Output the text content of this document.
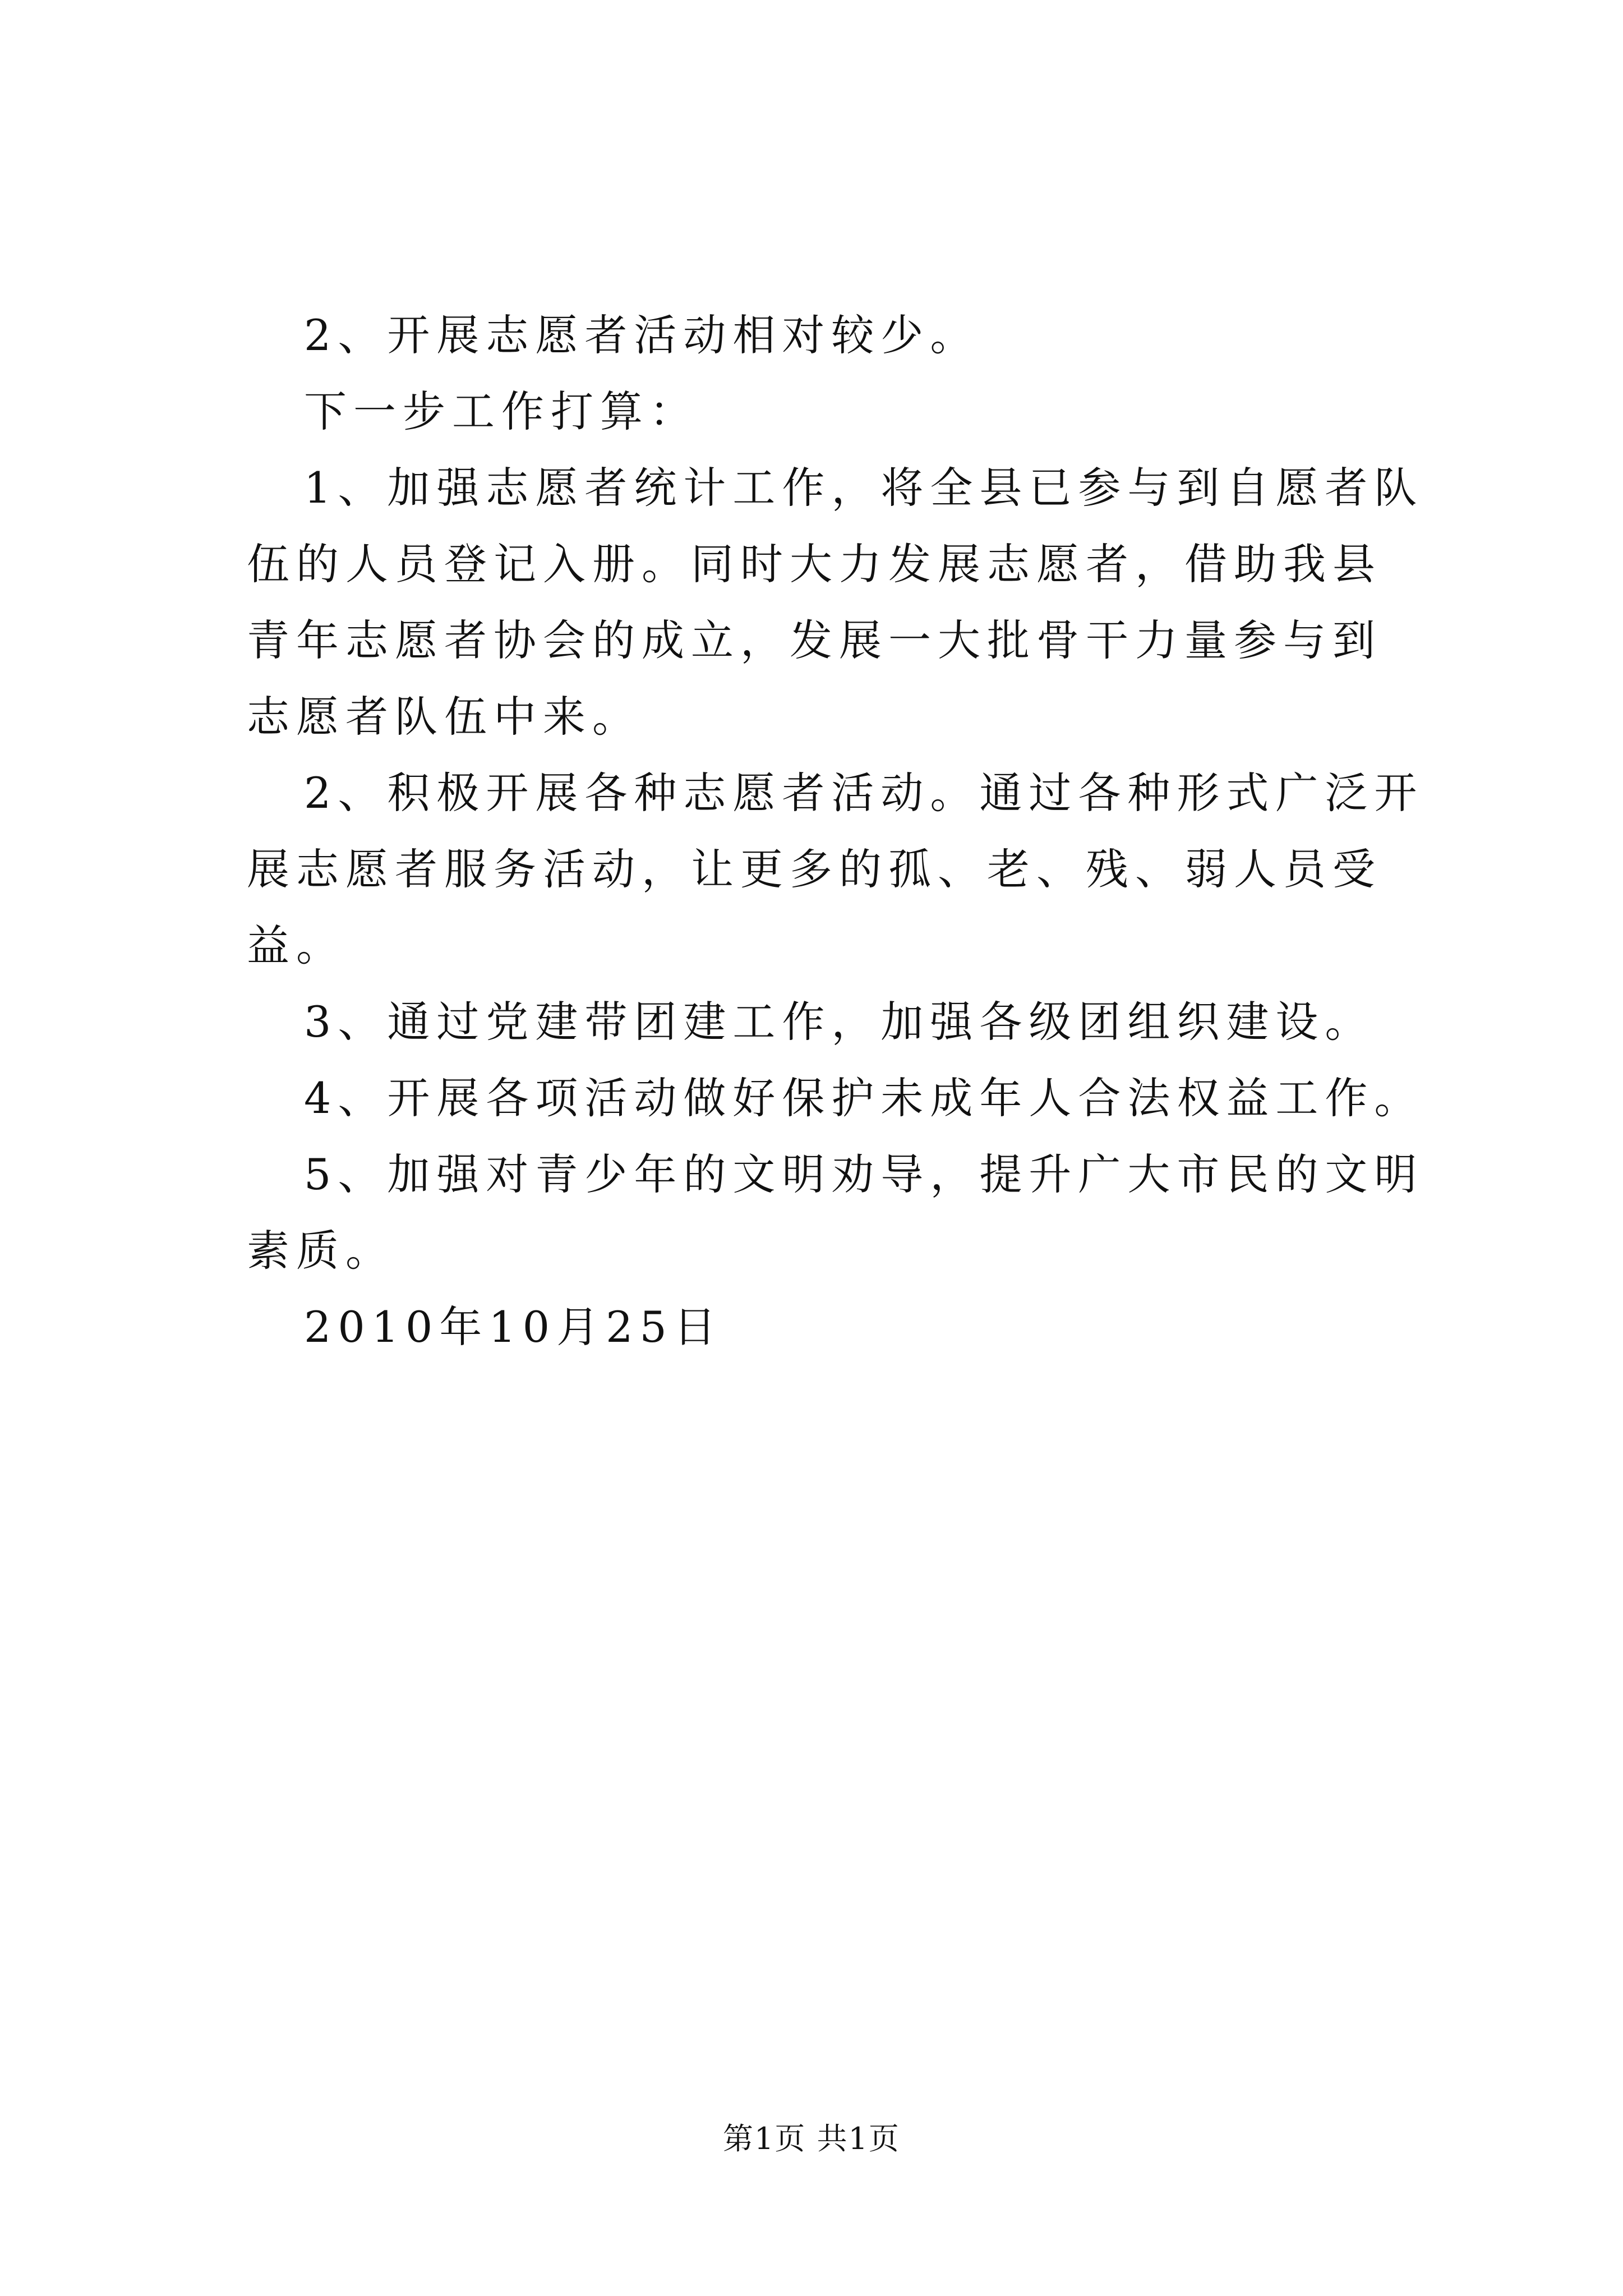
2、开展志愿者活动相对较少。

下一步工作打算：

1、加强志愿者统计工作，将全县已参与到自愿者队伍的人员登记入册。同时大力发展志愿者，借助我县青年志愿者协会的成立，发展一大批骨干力量参与到志愿者队伍中来。

2、积极开展各种志愿者活动。通过各种形式广泛开展志愿者服务活动，让更多的孤、老、残、弱人员受益。

3、通过党建带团建工作，加强各级团组织建设。

4、开展各项活动做好保护未成年人合法权益工作。

5、加强对青少年的文明劝导，提升广大市民的文明素质。

2010年10月25日

第1页 共1页
